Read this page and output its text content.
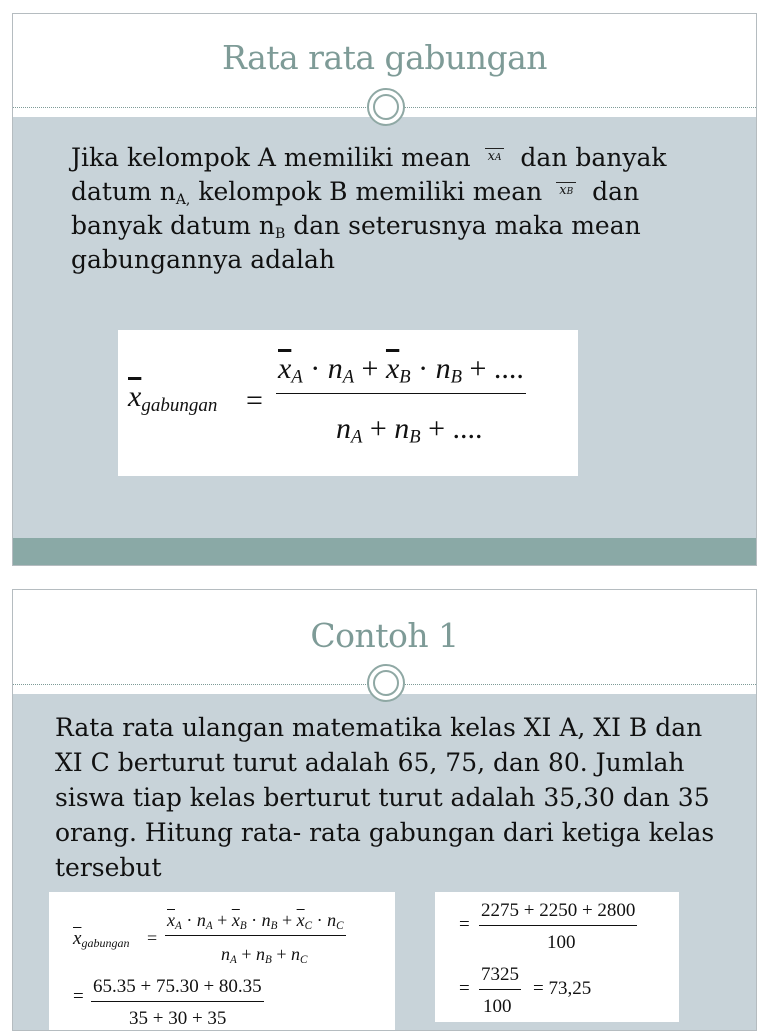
Rata rata gabungan
Jika kelompok A memiliki mean xA dan banyak
datum $n_{A,}$ kelompok B memiliki mean xB dan
banyak datum $n_B$ dan seterusnya maka mean
gabungannya adalah
$\overline{x}gabungan$ =
$\overline{x}A$ · nA + $\overline{x}B$ · nB + ....
nA + nB + ....
Contoh 1
Rata rata ulangan matematika kelas XI A, XI B dan
XI C berturut turut adalah 65, 75, dan 80. Jumlah
siswa tiap kelas berturut turut adalah 35,30 dan 35
orang. Hitung rata- rata gabungan dari ketiga kelas
tersebut
$\overline{x}gabungan$ =
$\overline{x}A$ · nA + $\overline{x}B$ · nB + $\overline{x}C$ · nC
nA + nB + nC
= 65.35 + 75.30 + 80.35
35 + 30 + 35
=
2275 + 2250 + 2800
100
=
7325
100
= 73,25
